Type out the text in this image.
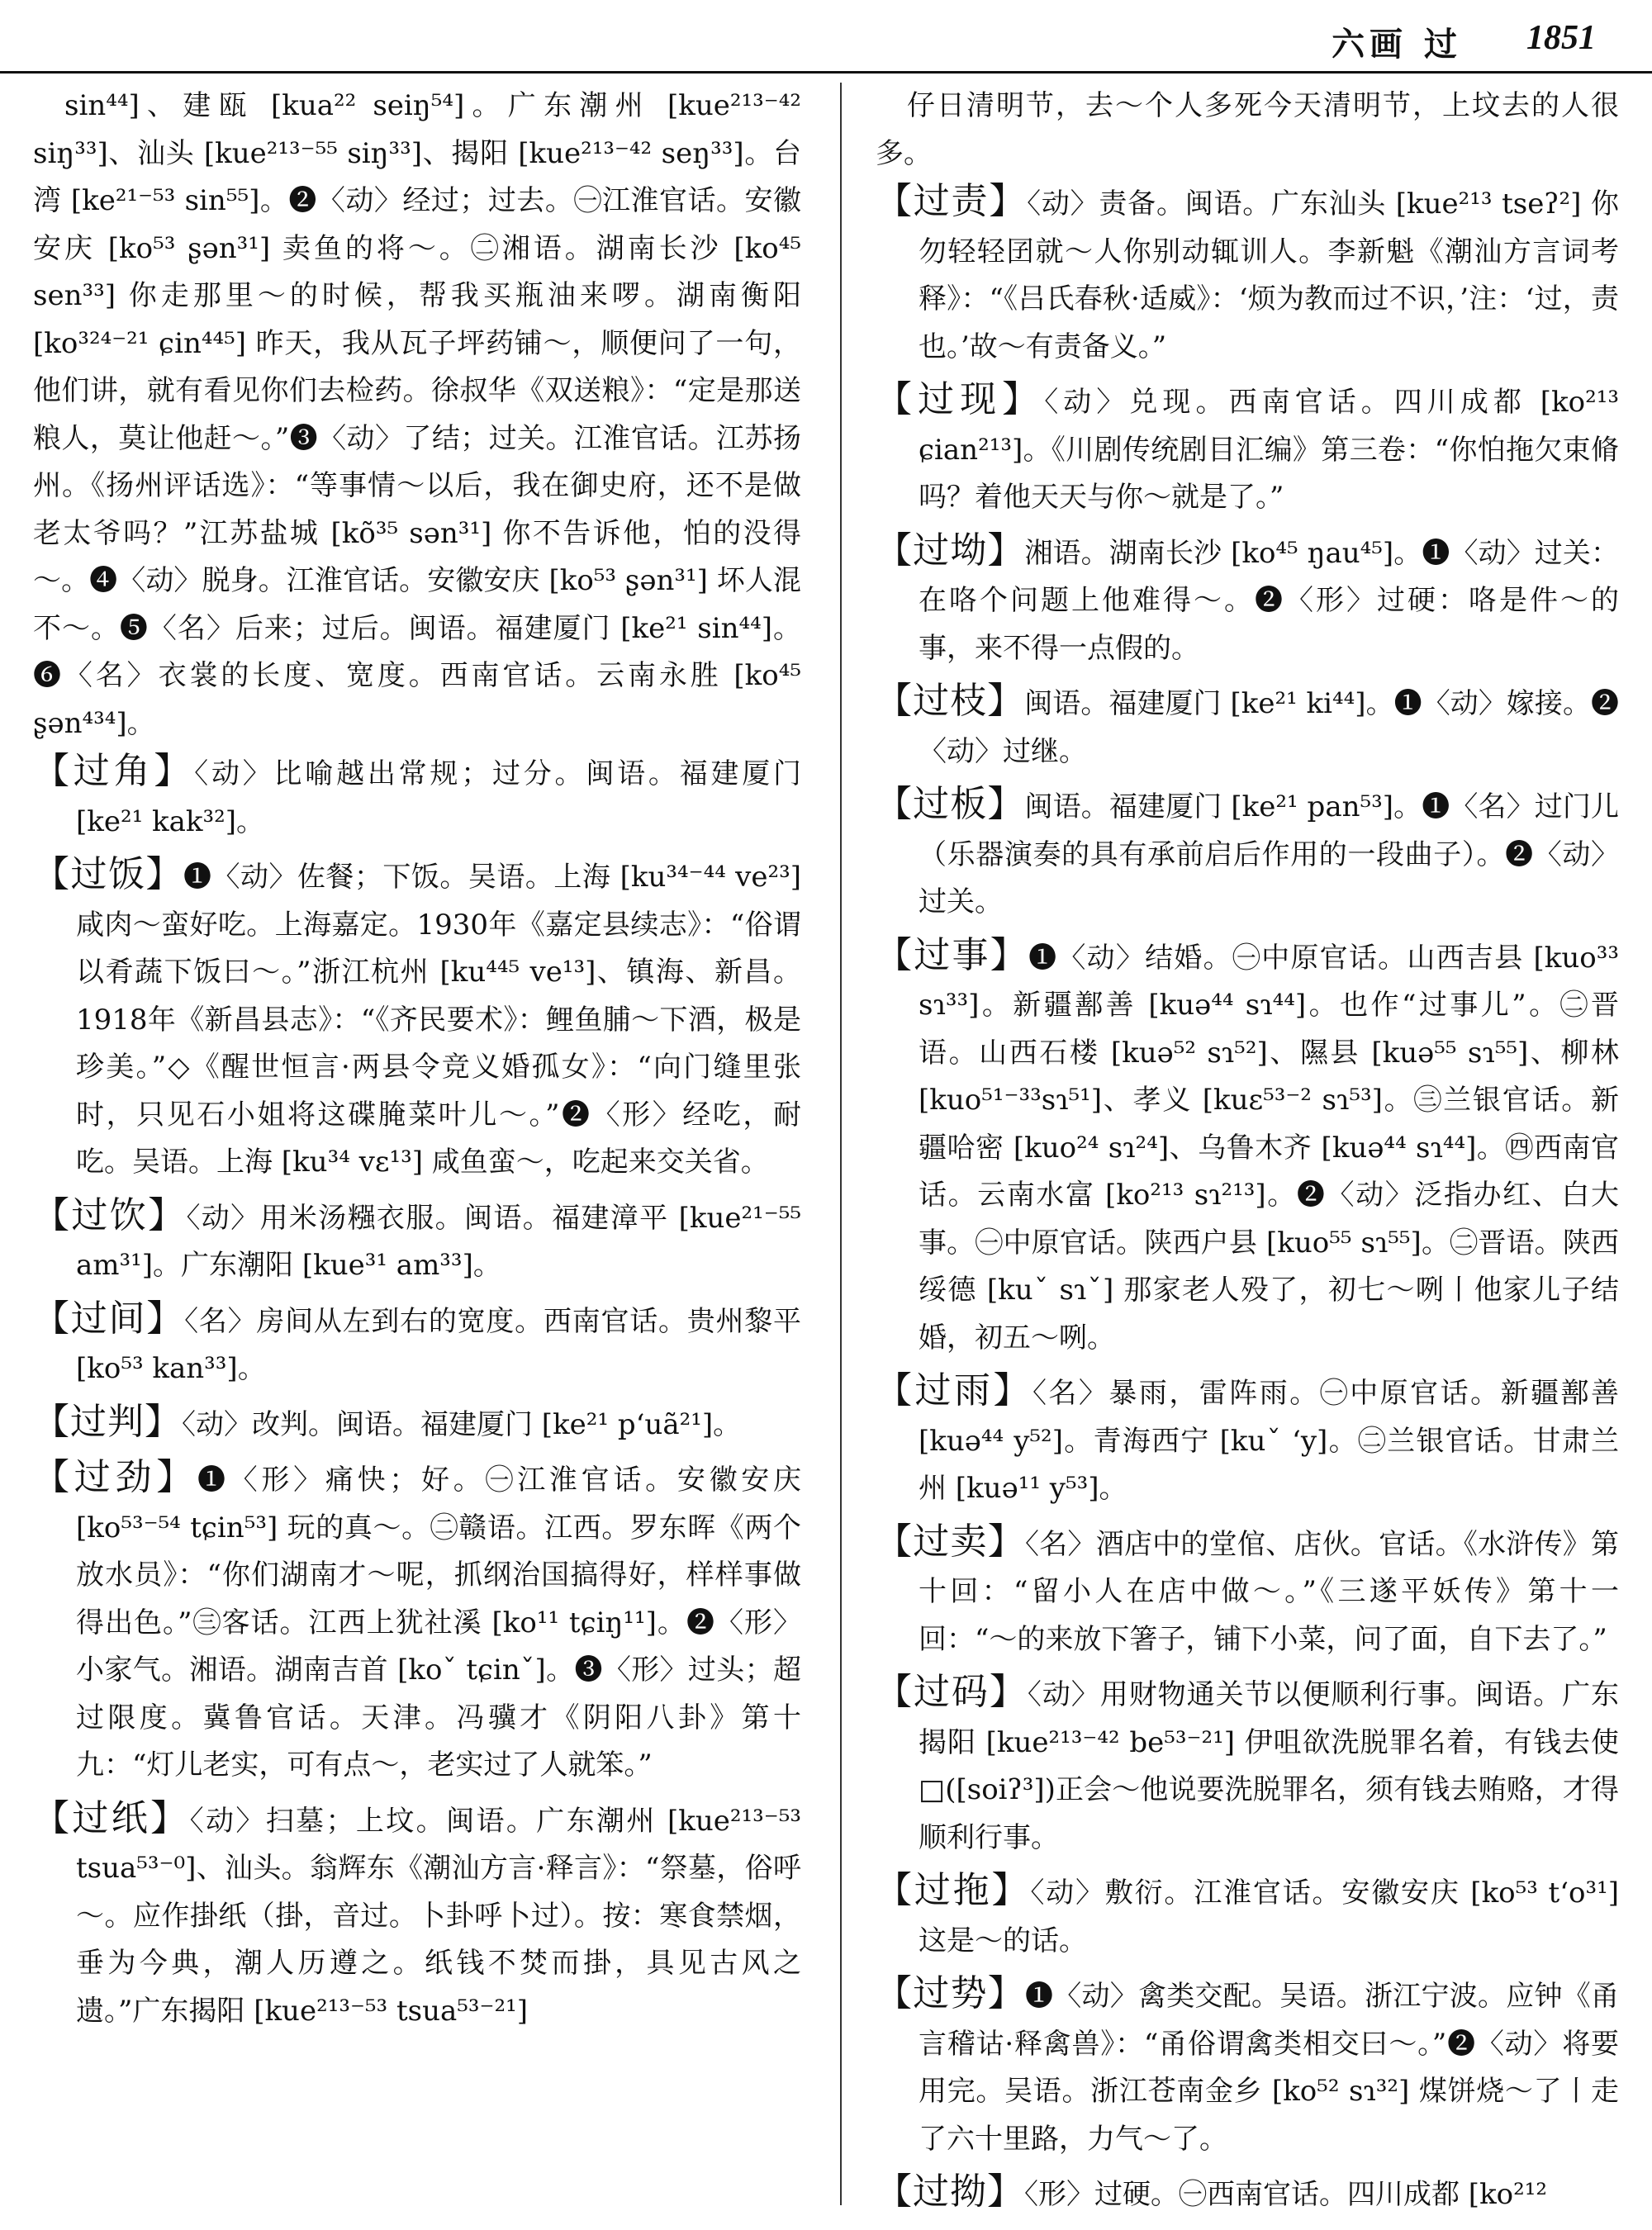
六画 过 1851

sin⁴⁴]、建瓯 [kua²² seiŋ⁵⁴]。广东潮州 [kue²¹³⁻⁴² siŋ³³]、汕头 [kue²¹³⁻⁵⁵ siŋ³³]、揭阳 [kue²¹³⁻⁴² seŋ³³]。台湾 [ke²¹⁻⁵³ sin⁵⁵]。❷〈动〉经过；过去。㊀江淮官话。安徽安庆 [ko⁵³ ʂən³¹] 卖鱼的将～。㊁湘语。湖南长沙 [ko⁴⁵ sen³³] 你走那里～的时候，帮我买瓶油来啰。湖南衡阳 [ko³²⁴⁻²¹ ɕin⁴⁴⁵] 昨天，我从瓦子坪药铺～，顺便问了一句，他们讲，就有看见你们去检药。徐叔华《双送粮》：“定是那送粮人，莫让他赶～。”❸〈动〉了结；过关。江淮官话。江苏扬州。《扬州评话选》：“等事情～以后，我在御史府，还不是做老太爷吗？”江苏盐城 [kõ³⁵ sən³¹] 你不告诉他，怕的没得～。❹〈动〉脱身。江淮官话。安徽安庆 [ko⁵³ ʂən³¹] 坏人混不～。❺〈名〉后来；过后。闽语。福建厦门 [ke²¹ sin⁴⁴]。❻〈名〉衣裳的长度、宽度。西南官话。云南永胜 [ko⁴⁵ ʂən⁴³⁴]。

【 过角 】 〈动〉比喻越出常规；过分。闽语。福建厦门 [ke²¹ kak³²]。

【 过饭 】 ❶〈动〉佐餐；下饭。吴语。上海 [ku³⁴⁻⁴⁴ ve²³] 咸肉～蛮好吃。上海嘉定。1930年《嘉定县续志》：“俗谓以肴蔬下饭曰～。”浙江杭州 [ku⁴⁴⁵ ve¹³]、镇海、新昌。1918年《新昌县志》：“《齐民要术》：鲤鱼脯～下酒，极是珍美。”◇《醒世恒言·两县令竞义婚孤女》：“向门缝里张时，只见石小姐将这碟腌菜叶儿～。”❷〈形〉经吃，耐吃。吴语。上海 [ku³⁴ vɛ¹³] 咸鱼蛮～，吃起来交关省。

【 过饮 】 〈动〉用米汤糨衣服。闽语。福建漳平 [kue²¹⁻⁵⁵ am³¹]。广东潮阳 [kue³¹ am³³]。

【 过间 】 〈名〉房间从左到右的宽度。西南官话。贵州黎平 [ko⁵³ kan³³]。

【 过判 】 〈动〉改判。闽语。福建厦门 [ke²¹ pʻuã²¹]。

【 过劲 】 ❶〈形〉痛快；好。㊀江淮官话。安徽安庆 [ko⁵³⁻⁵⁴ tɕin⁵³] 玩的真～。㊁赣语。江西。罗东晖《两个放水员》：“你们湖南才～呢，抓纲治国搞得好，样样事做得出色。”㊂客话。江西上犹社溪 [ko¹¹ tɕiŋ¹¹]。❷〈形〉小家气。湘语。湖南吉首 [koˇ tɕinˇ]。❸〈形〉过头；超过限度。冀鲁官话。天津。冯骥才《阴阳八卦》第十九：“灯儿老实，可有点～，老实过了人就笨。”

【 过纸 】 〈动〉扫墓；上坟。闽语。广东潮州 [kue²¹³⁻⁵³ tsua⁵³⁻⁰]、汕头。翁辉东《潮汕方言·释言》：“祭墓，俗呼～。应作掛纸（掛，音过。卜卦呼卜过）。按：寒食禁烟，垂为今典，潮人历遵之。纸钱不焚而掛，具见古风之遗。”广东揭阳 [kue²¹³⁻⁵³ tsua⁵³⁻²¹]

仔日清明节，去～个人多死今天清明节，上坟去的人很多。

【 过责 】 〈动〉责备。闽语。广东汕头 [kue²¹³ tseʔ²] 你勿轻轻囝就～人你别动辄训人。李新魁《潮汕方言词考释》：“《吕氏春秋·适威》：‘烦为教而过不识，’注：‘过，责也。’故～有责备义。”

【 过现 】 〈动〉兑现。西南官话。四川成都 [ko²¹³ ɕian²¹³]。《川剧传统剧目汇编》第三卷：“你怕拖欠束脩吗？着他天天与你～就是了。”

【 过坳 】 湘语。湖南长沙 [ko⁴⁵ ŋau⁴⁵]。❶〈动〉过关：在咯个问题上他难得～。❷〈形〉过硬：咯是件～的事，来不得一点假的。

【 过枝 】 闽语。福建厦门 [ke²¹ ki⁴⁴]。❶〈动〉嫁接。❷〈动〉过继。

【 过板 】 闽语。福建厦门 [ke²¹ pan⁵³]。❶〈名〉过门儿（乐器演奏的具有承前启后作用的一段曲子）。❷〈动〉过关。

【 过事 】 ❶〈动〉结婚。㊀中原官话。山西吉县 [kuo³³ sɿ³³]。新疆鄯善 [kuə⁴⁴ sɿ⁴⁴]。也作“过事儿”。㊁晋语。山西石楼 [kuə⁵² sɿ⁵²]、隰县 [kuə⁵⁵ sɿ⁵⁵]、柳林 [kuo⁵¹⁻³³sɿ⁵¹]、孝义 [kuɛ⁵³⁻² sɿ⁵³]。㊂兰银官话。新疆哈密 [kuo²⁴ sɿ²⁴]、乌鲁木齐 [kuə⁴⁴ sɿ⁴⁴]。㊃西南官话。云南水富 [ko²¹³ sɿ²¹³]。❷〈动〉泛指办红、白大事。㊀中原官话。陕西户县 [kuo⁵⁵ sɿ⁵⁵]。㊁晋语。陕西绥德 [kuˇ sɿˇ] 那家老人殁了，初七～咧丨他家儿子结婚，初五～咧。

【 过雨 】 〈名〉暴雨，雷阵雨。㊀中原官话。新疆鄯善 [kuə⁴⁴ y⁵²]。青海西宁 [kuˇ ʻy]。㊁兰银官话。甘肃兰州 [kuə¹¹ y⁵³]。

【 过卖 】 〈名〉酒店中的堂倌、店伙。官话。《水浒传》第十回：“留小人在店中做～。”《三遂平妖传》第十一回：“～的来放下箸子，铺下小菜，问了面，自下去了。”

【 过码 】 〈动〉用财物通关节以便顺利行事。闽语。广东揭阳 [kue²¹³⁻⁴² be⁵³⁻²¹] 伊咀欲洗脱罪名着，有钱去使□([soiʔ³])正会～他说要洗脱罪名，须有钱去贿赂，才得顺利行事。

【 过拖 】 〈动〉敷衍。江淮官话。安徽安庆 [ko⁵³ tʻo³¹] 这是～的话。

【 过势 】 ❶〈动〉禽类交配。吴语。浙江宁波。应钟《甬言稽诂·释禽兽》：“甬俗谓禽类相交曰～。”❷〈动〉将要用完。吴语。浙江苍南金乡 [ko⁵² sɿ³²] 煤饼烧～了丨走了六十里路，力气～了。

【 过拗 】 〈形〉过硬。㊀西南官话。四川成都 [ko²¹²
